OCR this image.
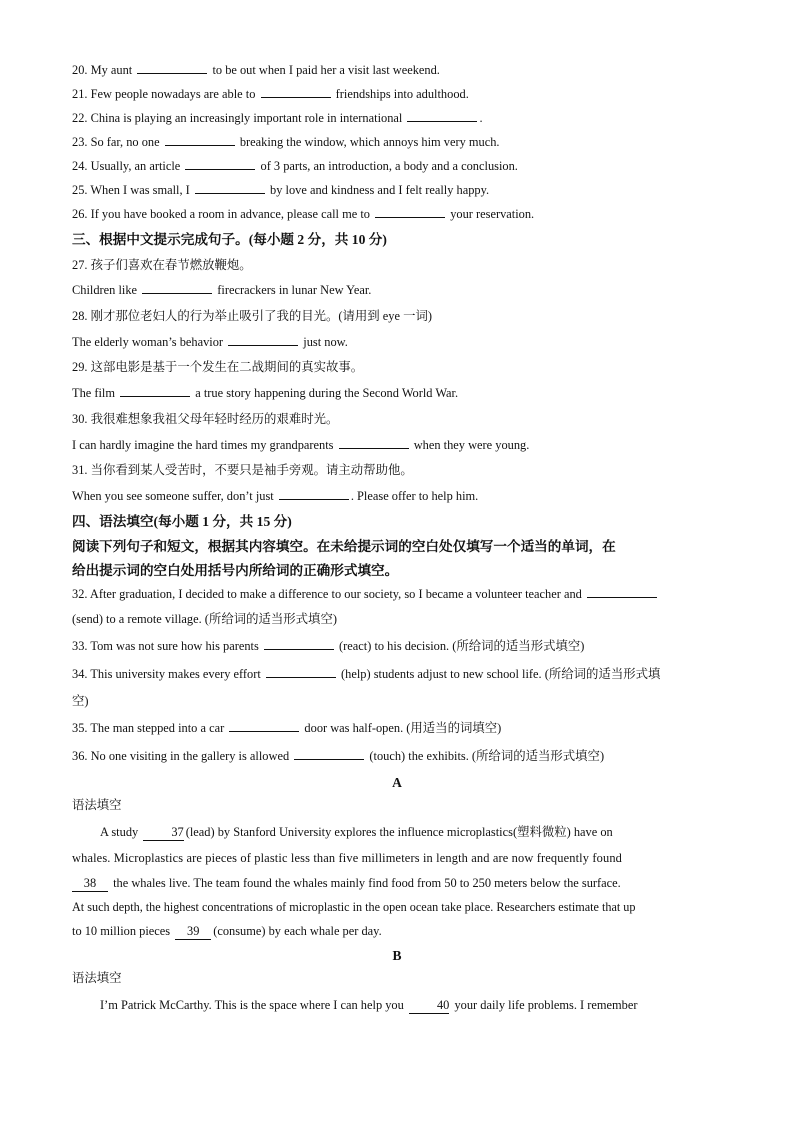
20. My aunt	to be out when I paid her a visit last weekend.
21. Few people nowadays are able to	friendships into adulthood.
22. China is playing an increasingly important role in international	.
23. So far, no one	breaking the window, which annoys him very much.
24. Usually, an article	of 3 parts, an introduction, a body and a conclusion.
25. When I was small, I	by love and kindness and I felt really happy.
26. If you have booked a room in advance, please call me to	your reservation.
三、根据中文提示完成句子。(每小题 2 分，共 10 分)
27. 孩子们喜欢在春节燃放鞭炮。
Children like	firecrackers in lunar New Year.
28. 刚才那位老妇人的行为举止吸引了我的目光。(请用到 eye 一词)
The elderly woman’s behavior	just now.
29. 这部电影是基于一个发生在二战期间的真实故事。
The film	a true story happening during the Second World War.
30. 我很难想象我祖父母年轻时经历的艰难时光。
I can hardly imagine the hard times my grandparents	when they were young.
31. 当你看到某人受苦时，不要只是袖手旁观。请主动帮助他。
When you see someone suffer, don’t just	. Please offer to help him.
四、语法填空(每小题 1 分，共 15 分)
阅读下列句子和短文，根据其内容填空。在未给提示词的空白处仅填写一个适当的单词，在
给出提示词的空白处用括号内所给词的正确形式填空。
32. After graduation, I decided to make a difference to our society, so I became a volunteer teacher and
(send) to a remote village. (所给词的适当形式填空)
33. Tom was not sure how his parents	(react) to his decision. (所给词的适当形式填空)
34. This university makes every effort	(help) students adjust to new school life. (所给词的适当形式填
空)
35. The man stepped into a car	door was half-open. (用适当的词填空)
36. No one visiting in the gallery is allowed	(touch) the exhibits. (所给词的适当形式填空)
A
语法填空
A study	37 (lead) by Stanford University explores the influence microplastics(塑料微粒) have on
whales. Microplastics are pieces of plastic less than five millimeters in length and are now frequently found
38 the whales live. The team found the whales mainly find food from 50 to 250 meters below the surface.
At such depth, the highest concentrations of microplastic in the open ocean take place. Researchers estimate that up
to 10 million pieces 39 (consume) by each whale per day.
B
语法填空
I’m Patrick McCarthy. This is the space where I can help you	40 your daily life problems. I remember
